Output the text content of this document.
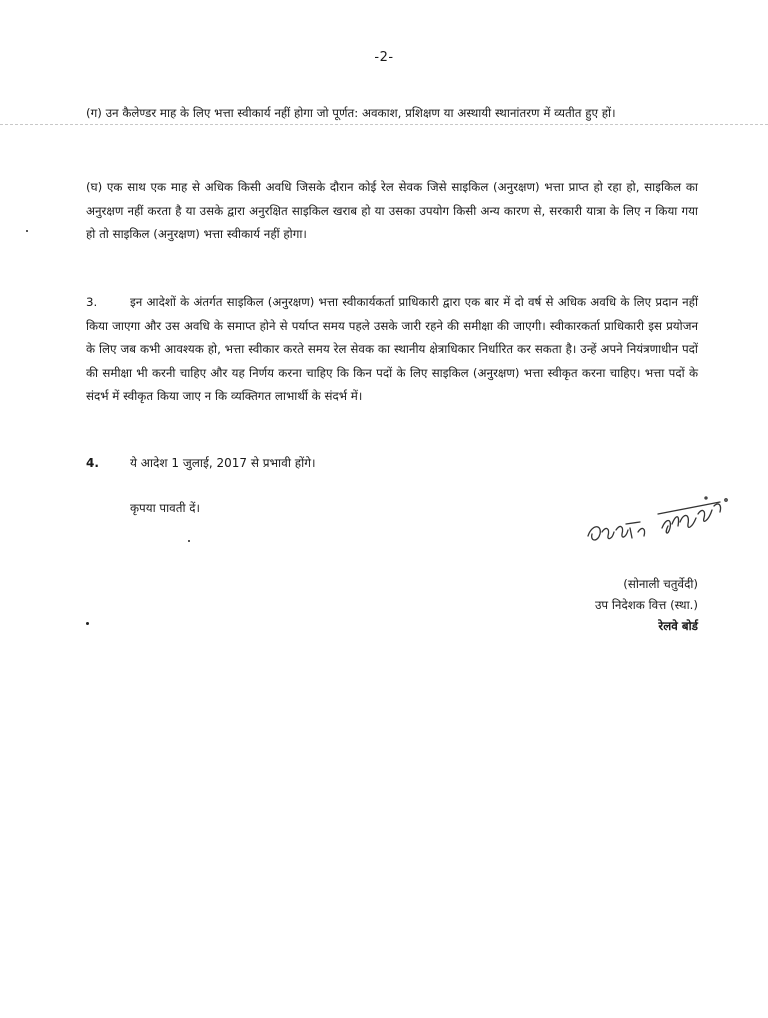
-2-
(ग) उन कैलेण्डर माह के लिए भत्ता स्वीकार्य नहीं होगा जो पूर्णत: अवकाश, प्रशिक्षण या अस्थायी स्थानांतरण में व्यतीत हुए हों।
(घ) एक साथ एक माह से अधिक किसी अवधि जिसके दौरान कोई रेल सेवक जिसे साइकिल (अनुरक्षण) भत्ता प्राप्त हो रहा हो, साइकिल का अनुरक्षण नहीं करता है या उसके द्वारा अनुरक्षित साइकिल खराब हो या उसका उपयोग किसी अन्य कारण से, सरकारी यात्रा के लिए न किया गया हो तो साइकिल (अनुरक्षण) भत्ता स्वीकार्य नहीं होगा।
3.	इन आदेशों के अंतर्गत साइकिल (अनुरक्षण) भत्ता स्वीकार्यकर्ता प्राधिकारी द्वारा एक बार में दो वर्ष से अधिक अवधि के लिए प्रदान नहीं किया जाएगा और उस अवधि के समाप्त होने से पर्याप्त समय पहले उसके जारी रहने की समीक्षा की जाएगी। स्वीकारकर्ता प्राधिकारी इस प्रयोजन के लिए जब कभी आवश्यक हो, भत्ता स्वीकार करते समय रेल सेवक का स्थानीय क्षेत्राधिकार निर्धारित कर सकता है। उन्हें अपने नियंत्रणाधीन पदों की समीक्षा भी करनी चाहिए और यह निर्णय करना चाहिए कि किन पदों के लिए साइकिल (अनुरक्षण) भत्ता स्वीकृत करना चाहिए। भत्ता पदों के संदर्भ में स्वीकृत किया जाए न कि व्यक्तिगत लाभार्थी के संदर्भ में।
4.	ये आदेश 1 जुलाई, 2017 से प्रभावी होंगे।
कृपया पावती दें।
(सोनाली चतुर्वेदी)
उप निदेशक वित्त (स्था.)
रेलवे बोर्ड
